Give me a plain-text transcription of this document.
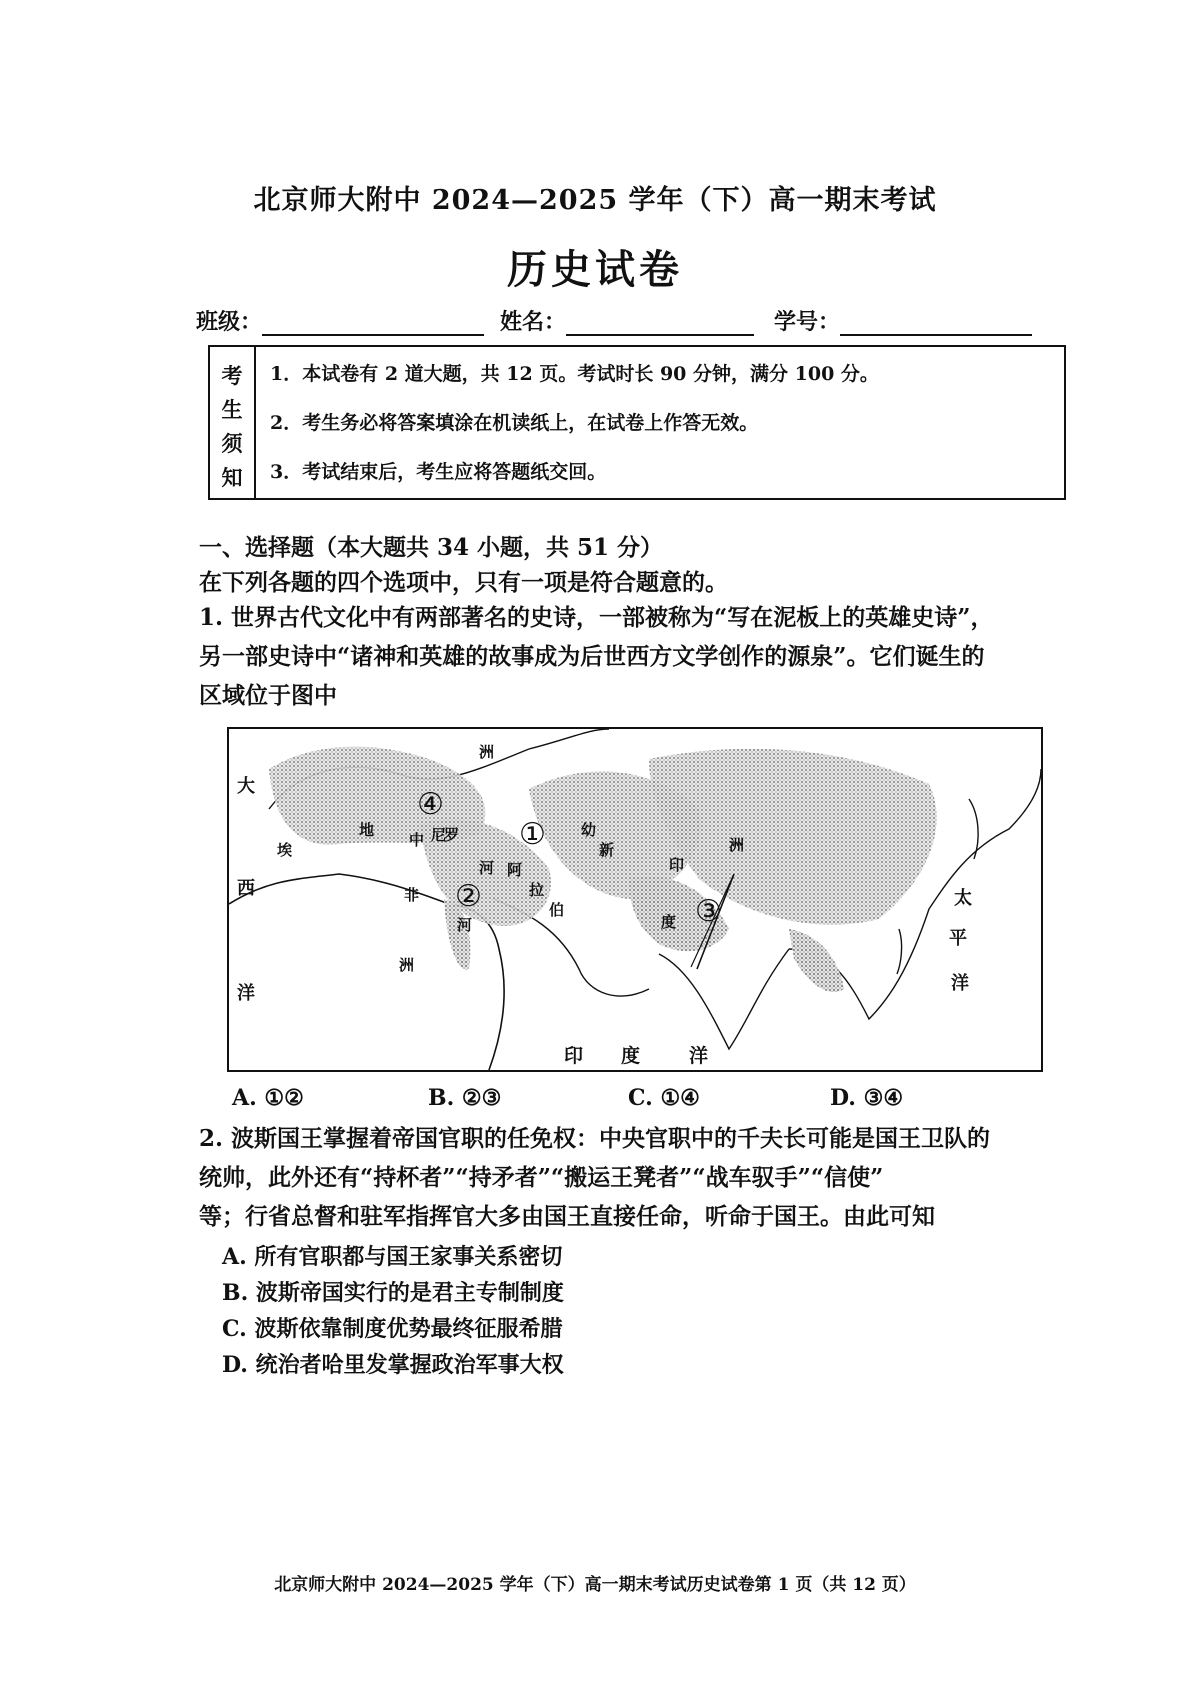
北京师大附中 2024—2025 学年（下）高一期末考试
历史试卷
班级：	姓名：	学号：
考
生
须
知
1．本试卷有 2 道大题，共 12 页。考试时长 90 分钟，满分 100 分。
2．考生务必将答案填涂在机读纸上，在试卷上作答无效。
3．考试结束后，考生应将答题纸交回。
一、选择题（本大题共 34 小题，共 51 分）
在下列各题的四个选项中，只有一项是符合题意的。
1. 世界古代文化中有两部著名的史诗，一部被称为“写在泥板上的英雄史诗”，
另一部史诗中“诸神和英雄的故事成为后世西方文学创作的源泉”。它们诞生的
区域位于图中
大
西
洋
洲
洲
地
中
非
洲
阿
拉
伯
印 度	洋
度
太
平
洋
幼
新
河
尼
罗
河
埃
印
①
②	③
④
A. ①②	B. ②③	C. ①④	D. ③④
2. 波斯国王掌握着帝国官职的任免权：中央官职中的千夫长可能是国王卫队的
统帅，此外还有“持杯者”“持矛者”“搬运王凳者”“战车驭手”“信使”
等；行省总督和驻军指挥官大多由国王直接任命，听命于国王。由此可知
A. 所有官职都与国王家事关系密切
B. 波斯帝国实行的是君主专制制度
C. 波斯依靠制度优势最终征服希腊
D. 统治者哈里发掌握政治军事大权
北京师大附中 2024—2025 学年（下）高一期末考试历史试卷第 1 页（共 12 页）
